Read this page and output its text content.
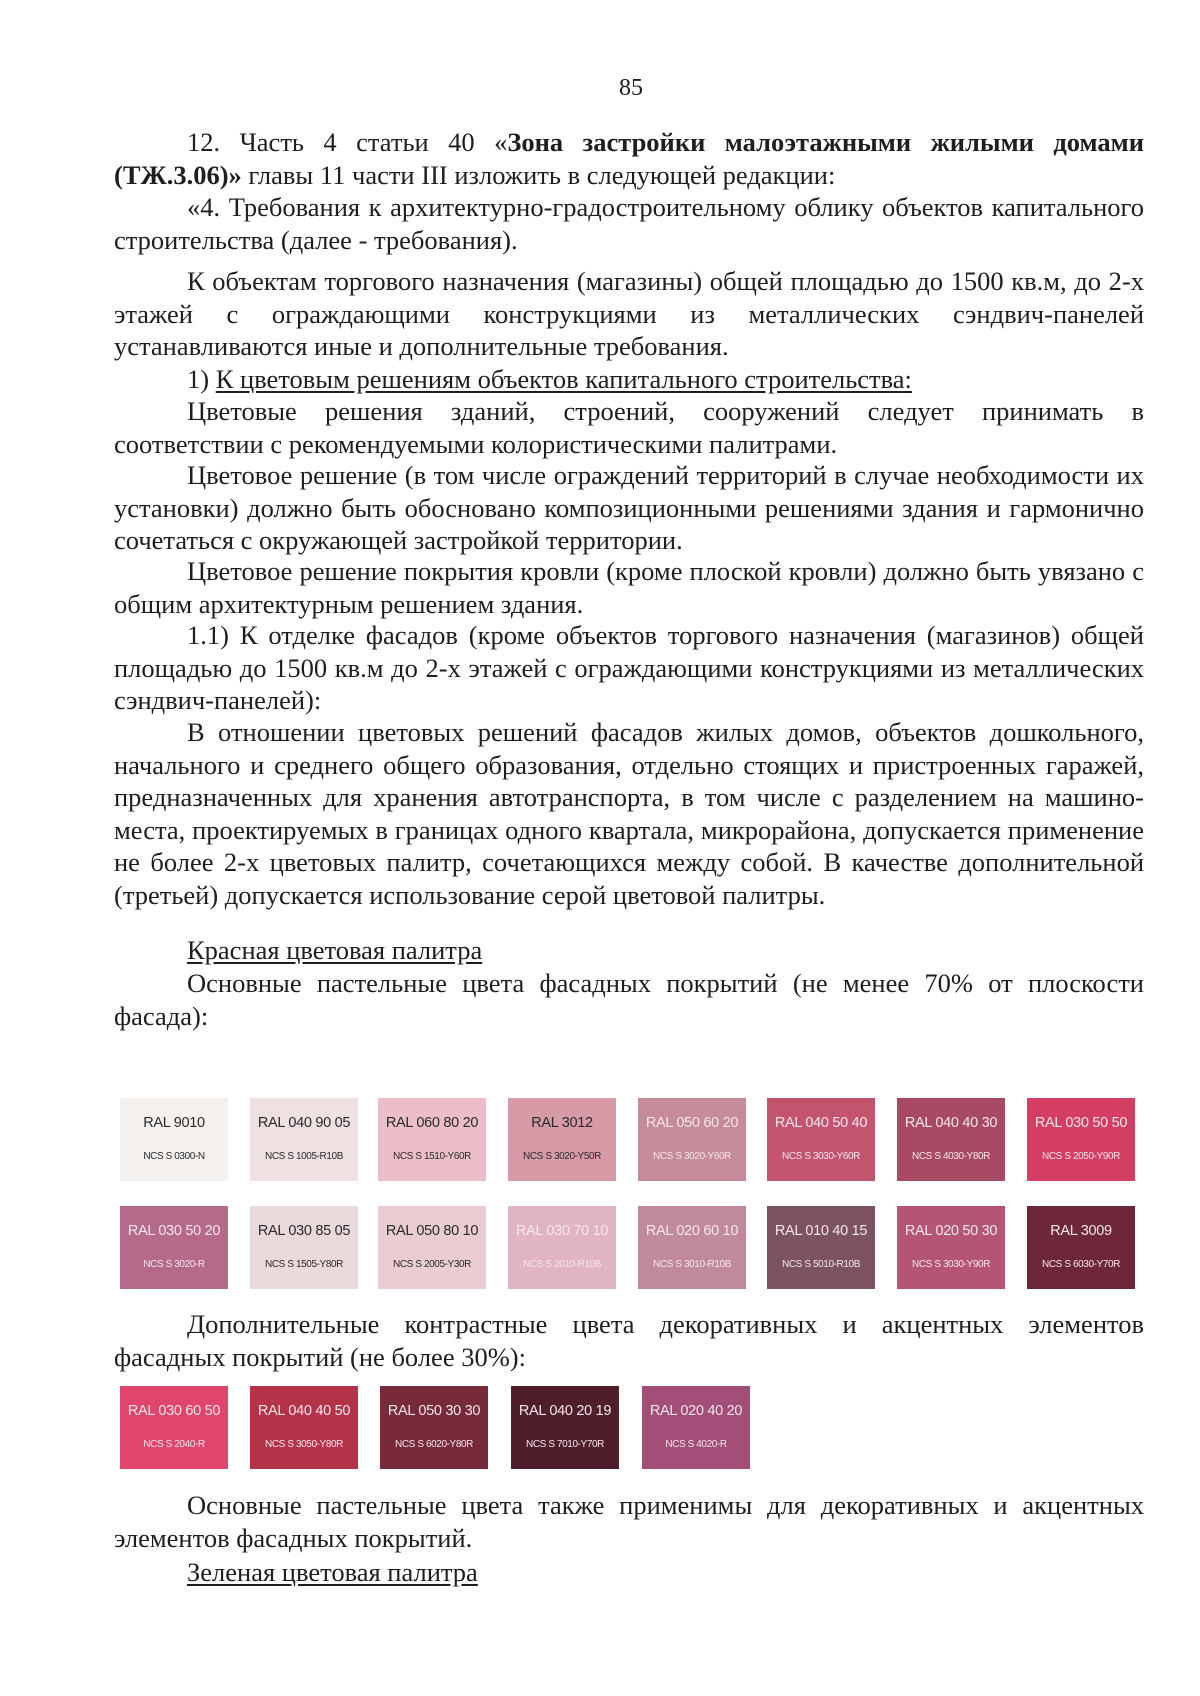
85

12. Часть 4 статьи 40 «Зона застройки малоэтажными жилыми домами (ТЖ.3.06)» главы 11 части III изложить в следующей редакции:

«4. Требования к архитектурно-градостроительному облику объектов капитального строительства (далее - требования).

К объектам торгового назначения (магазины) общей площадью до 1500 кв.м, до 2-х этажей с ограждающими конструкциями из металлических сэндвич-панелей устанавливаются иные и дополнительные требования.

1) К цветовым решениям объектов капитального строительства:

Цветовые решения зданий, строений, сооружений следует принимать в соответствии с рекомендуемыми колористическими палитрами.

Цветовое решение (в том числе ограждений территорий в случае необходимости их установки) должно быть обосновано композиционными решениями здания и гармонично сочетаться с окружающей застройкой территории.

Цветовое решение покрытия кровли (кроме плоской кровли) должно быть увязано с общим архитектурным решением здания.

1.1) К отделке фасадов (кроме объектов торгового назначения (магазинов) общей площадью до 1500 кв.м до 2-х этажей с ограждающими конструкциями из металлических сэндвич-панелей):

В отношении цветовых решений фасадов жилых домов, объектов дошкольного, начального и среднего общего образования, отдельно стоящих и пристроенных гаражей, предназначенных для хранения автотранспорта, в том числе с разделением на машино-места, проектируемых в границах одного квартала, микрорайона, допускается применение не более 2-х цветовых палитр, сочетающихся между собой. В качестве дополнительной (третьей) допускается использование серой цветовой палитры.

Красная цветовая палитра

Основные пастельные цвета фасадных покрытий (не менее 70% от плоскости фасада):

RAL 9010
NCS S 0300-N
RAL 040 90 05
NCS S 1005-R10B
RAL 060 80 20
NCS S 1510-Y60R
RAL 3012
NCS S 3020-Y50R
RAL 050 60 20
NCS S 3020-Y60R
RAL 040 50 40
NCS S 3030-Y60R
RAL 040 40 30
NCS S 4030-Y80R
RAL 030 50 50
NCS S 2050-Y90R
RAL 030 50 20
NCS S 3020-R
RAL 030 85 05
NCS S 1505-Y80R
RAL 050 80 10
NCS S 2005-Y30R
RAL 030 70 10
NCS S 2010-R10B
RAL 020 60 10
NCS S 3010-R10B
RAL 010 40 15
NCS S 5010-R10B
RAL 020 50 30
NCS S 3030-Y90R
RAL 3009
NCS S 6030-Y70R

Дополнительные контрастные цвета декоративных и акцентных элементов фасадных покрытий (не более 30%):

RAL 030 60 50
NCS S 2040-R
RAL 040 40 50
NCS S 3050-Y80R
RAL 050 30 30
NCS S 6020-Y80R
RAL 040 20 19
NCS S 7010-Y70R
RAL 020 40 20
NCS S 4020-R

Основные пастельные цвета также применимы для декоративных и акцентных элементов фасадных покрытий.

Зеленая цветовая палитра
